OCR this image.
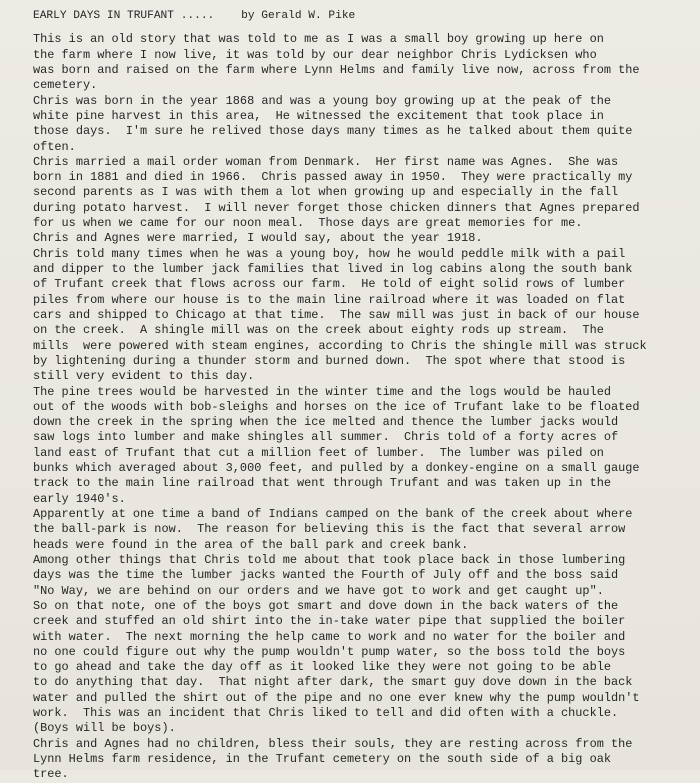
EARLY DAYS IN TRUFANT ..... by Gerald W. Pike
This is an old story that was told to me as I was a small boy growing up here on
the farm where I now live, it was told by our dear neighbor Chris Lydicksen who
was born and raised on the farm where Lynn Helms and family live now, across from the
cemetery.
Chris was born in the year 1868 and was a young boy growing up at the peak of the
white pine harvest in this area,  He witnessed the excitement that took place in
those days.  I'm sure he relived those days many times as he talked about them quite
often.
Chris married a mail order woman from Denmark.  Her first name was Agnes.  She was
born in 1881 and died in 1966.  Chris passed away in 1950.  They were practically my
second parents as I was with them a lot when growing up and especially in the fall
during potato harvest.  I will never forget those chicken dinners that Agnes prepared
for us when we came for our noon meal.  Those days are great memories for me.
Chris and Agnes were married, I would say, about the year 1918.
Chris told many times when he was a young boy, how he would peddle milk with a pail
and dipper to the lumber jack families that lived in log cabins along the south bank
of Trufant creek that flows across our farm.  He told of eight solid rows of lumber
piles from where our house is to the main line railroad where it was loaded on flat
cars and shipped to Chicago at that time.  The saw mill was just in back of our house
on the creek.  A shingle mill was on the creek about eighty rods up stream.  The
mills  were powered with steam engines, according to Chris the shingle mill was struck
by lightening during a thunder storm and burned down.  The spot where that stood is
still very evident to this day.
The pine trees would be harvested in the winter time and the logs would be hauled
out of the woods with bob-sleighs and horses on the ice of Trufant lake to be floated
down the creek in the spring when the ice melted and thence the lumber jacks would
saw logs into lumber and make shingles all summer.  Chris told of a forty acres of
land east of Trufant that cut a million feet of lumber.  The lumber was piled on
bunks which averaged about 3,000 feet, and pulled by a donkey-engine on a small gauge
track to the main line railroad that went through Trufant and was taken up in the
early 1940's.
Apparently at one time a band of Indians camped on the bank of the creek about where
the ball-park is now.  The reason for believing this is the fact that several arrow
heads were found in the area of the ball park and creek bank.
Among other things that Chris told me about that took place back in those lumbering
days was the time the lumber jacks wanted the Fourth of July off and the boss said
"No Way, we are behind on our orders and we have got to work and get caught up".
So on that note, one of the boys got smart and dove down in the back waters of the
creek and stuffed an old shirt into the in-take water pipe that supplied the boiler
with water.  The next morning the help came to work and no water for the boiler and
no one could figure out why the pump wouldn't pump water, so the boss told the boys
to go ahead and take the day off as it looked like they were not going to be able
to do anything that day.  That night after dark, the smart guy dove down in the back
water and pulled the shirt out of the pipe and no one ever knew why the pump wouldn't
work.  This was an incident that Chris liked to tell and did often with a chuckle.
(Boys will be boys).
Chris and Agnes had no children, bless their souls, they are resting across from the
Lynn Helms farm residence, in the Trufant cemetery on the south side of a big oak
tree.
